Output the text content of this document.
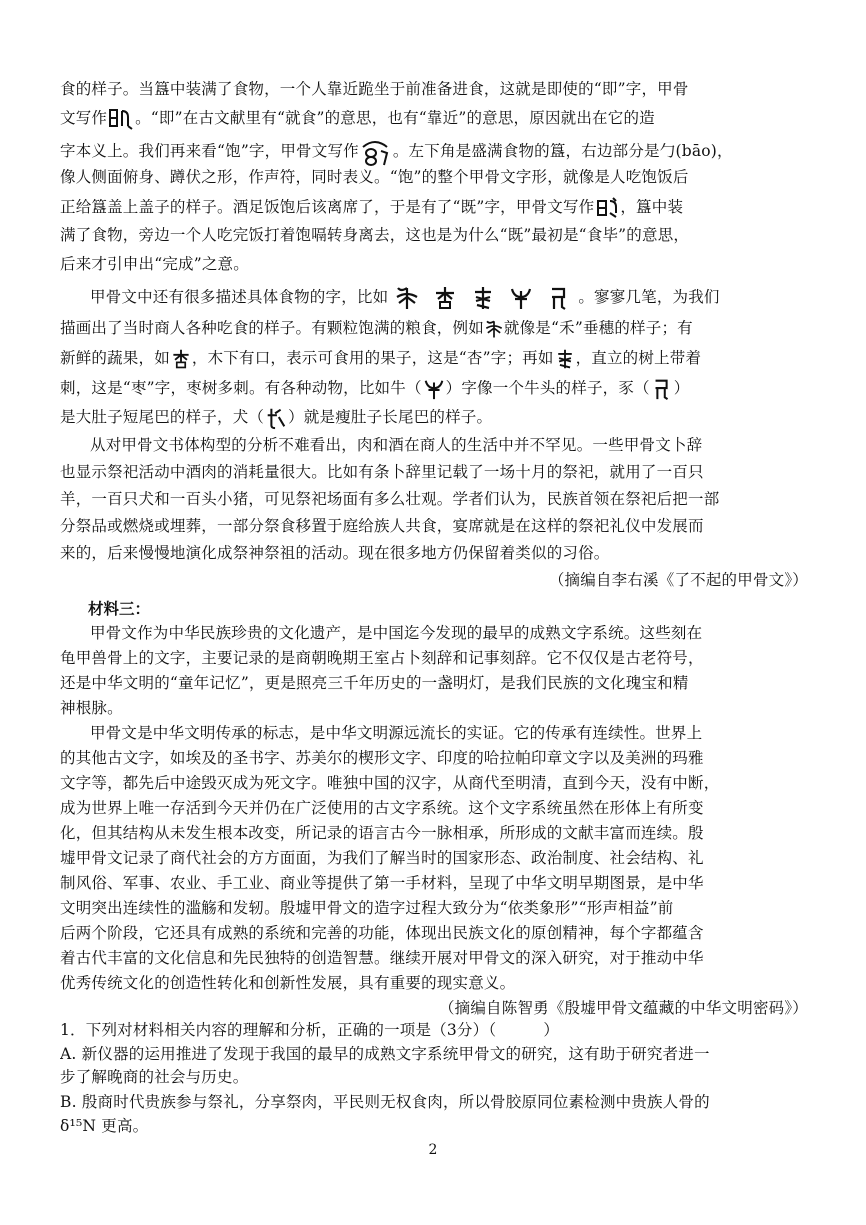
食的样子。当簋中装满了食物，一个人靠近跪坐于前准备进食，这就是即使的“即”字，甲骨
文写作 。“即”在古文献里有“就食”的意思，也有“靠近”的意思，原因就出在它的造
字本义上。我们再来看“饱”字，甲骨文写作 。左下角是盛满食物的簋，右边部分是勹(bāo)，
像人侧面俯身、蹲伏之形，作声符，同时表义。“饱”的整个甲骨文字形，就像是人吃饱饭后
正给簋盖上盖子的样子。酒足饭饱后该离席了，于是有了“既”字，甲骨文写作 ，簋中装
满了食物，旁边一个人吃完饭打着饱嗝转身离去，这也是为什么“既”最初是“食毕”的意思，
后来才引申出“完成”之意。
甲骨文中还有很多描述具体食物的字，比如	。寥寥几笔，为我们
描画出了当时商人各种吃食的样子。有颗粒饱满的粮食，例如 就像是“禾”垂穗的样子；有
新鲜的蔬果，如 ，木下有口，表示可食用的果子，这是“杏”字；再如 ，直立的树上带着
刺，这是“枣”字，枣树多刺。有各种动物，比如牛（ ）字像一个牛头的样子，豕（ ）
是大肚子短尾巴的样子，犬（ ）就是瘦肚子长尾巴的样子。
从对甲骨文书体构型的分析不难看出，肉和酒在商人的生活中并不罕见。一些甲骨文卜辞
也显示祭祀活动中酒肉的消耗量很大。比如有条卜辞里记载了一场十月的祭祀，就用了一百只
羊，一百只犬和一百头小猪，可见祭祀场面有多么壮观。学者们认为，民族首领在祭祀后把一部
分祭品或燃烧或埋葬，一部分祭食移置于庭给族人共食，宴席就是在这样的祭祀礼仪中发展而
来的，后来慢慢地演化成祭神祭祖的活动。现在很多地方仍保留着类似的习俗。
（摘编自李右溪《了不起的甲骨文》）
材料三：
甲骨文作为中华民族珍贵的文化遗产，是中国迄今发现的最早的成熟文字系统。这些刻在
龟甲兽骨上的文字，主要记录的是商朝晚期王室占卜刻辞和记事刻辞。它不仅仅是古老符号，
还是中华文明的“童年记忆”，更是照亮三千年历史的一盏明灯，是我们民族的文化瑰宝和精
神根脉。
甲骨文是中华文明传承的标志，是中华文明源远流长的实证。它的传承有连续性。世界上
的其他古文字，如埃及的圣书字、苏美尔的楔形文字、印度的哈拉帕印章文字以及美洲的玛雅
文字等，都先后中途毁灭成为死文字。唯独中国的汉字，从商代至明清，直到今天，没有中断，
成为世界上唯一存活到今天并仍在广泛使用的古文字系统。这个文字系统虽然在形体上有所变
化，但其结构从未发生根本改变，所记录的语言古今一脉相承，所形成的文献丰富而连续。殷
墟甲骨文记录了商代社会的方方面面，为我们了解当时的国家形态、政治制度、社会结构、礼
制风俗、军事、农业、手工业、商业等提供了第一手材料，呈现了中华文明早期图景，是中华
文明突出连续性的滥觞和发轫。殷墟甲骨文的造字过程大致分为“依类象形”“形声相益”前
后两个阶段，它还具有成熟的系统和完善的功能，体现出民族文化的原创精神，每个字都蕴含
着古代丰富的文化信息和先民独特的创造智慧。继续开展对甲骨文的深入研究，对于推动中华
优秀传统文化的创造性转化和创新性发展，具有重要的现实意义。
（摘编自陈智勇《殷墟甲骨文蕴藏的中华文明密码》）
1．下列对材料相关内容的理解和分析，正确的一项是（3分）（　　　）
A. 新仪器的运用推进了发现于我国的最早的成熟文字系统甲骨文的研究，这有助于研究者进一
步了解晚商的社会与历史。
B. 殷商时代贵族参与祭礼，分享祭肉，平民则无权食肉，所以骨胶原同位素检测中贵族人骨的
δ¹⁵N 更高。
2
